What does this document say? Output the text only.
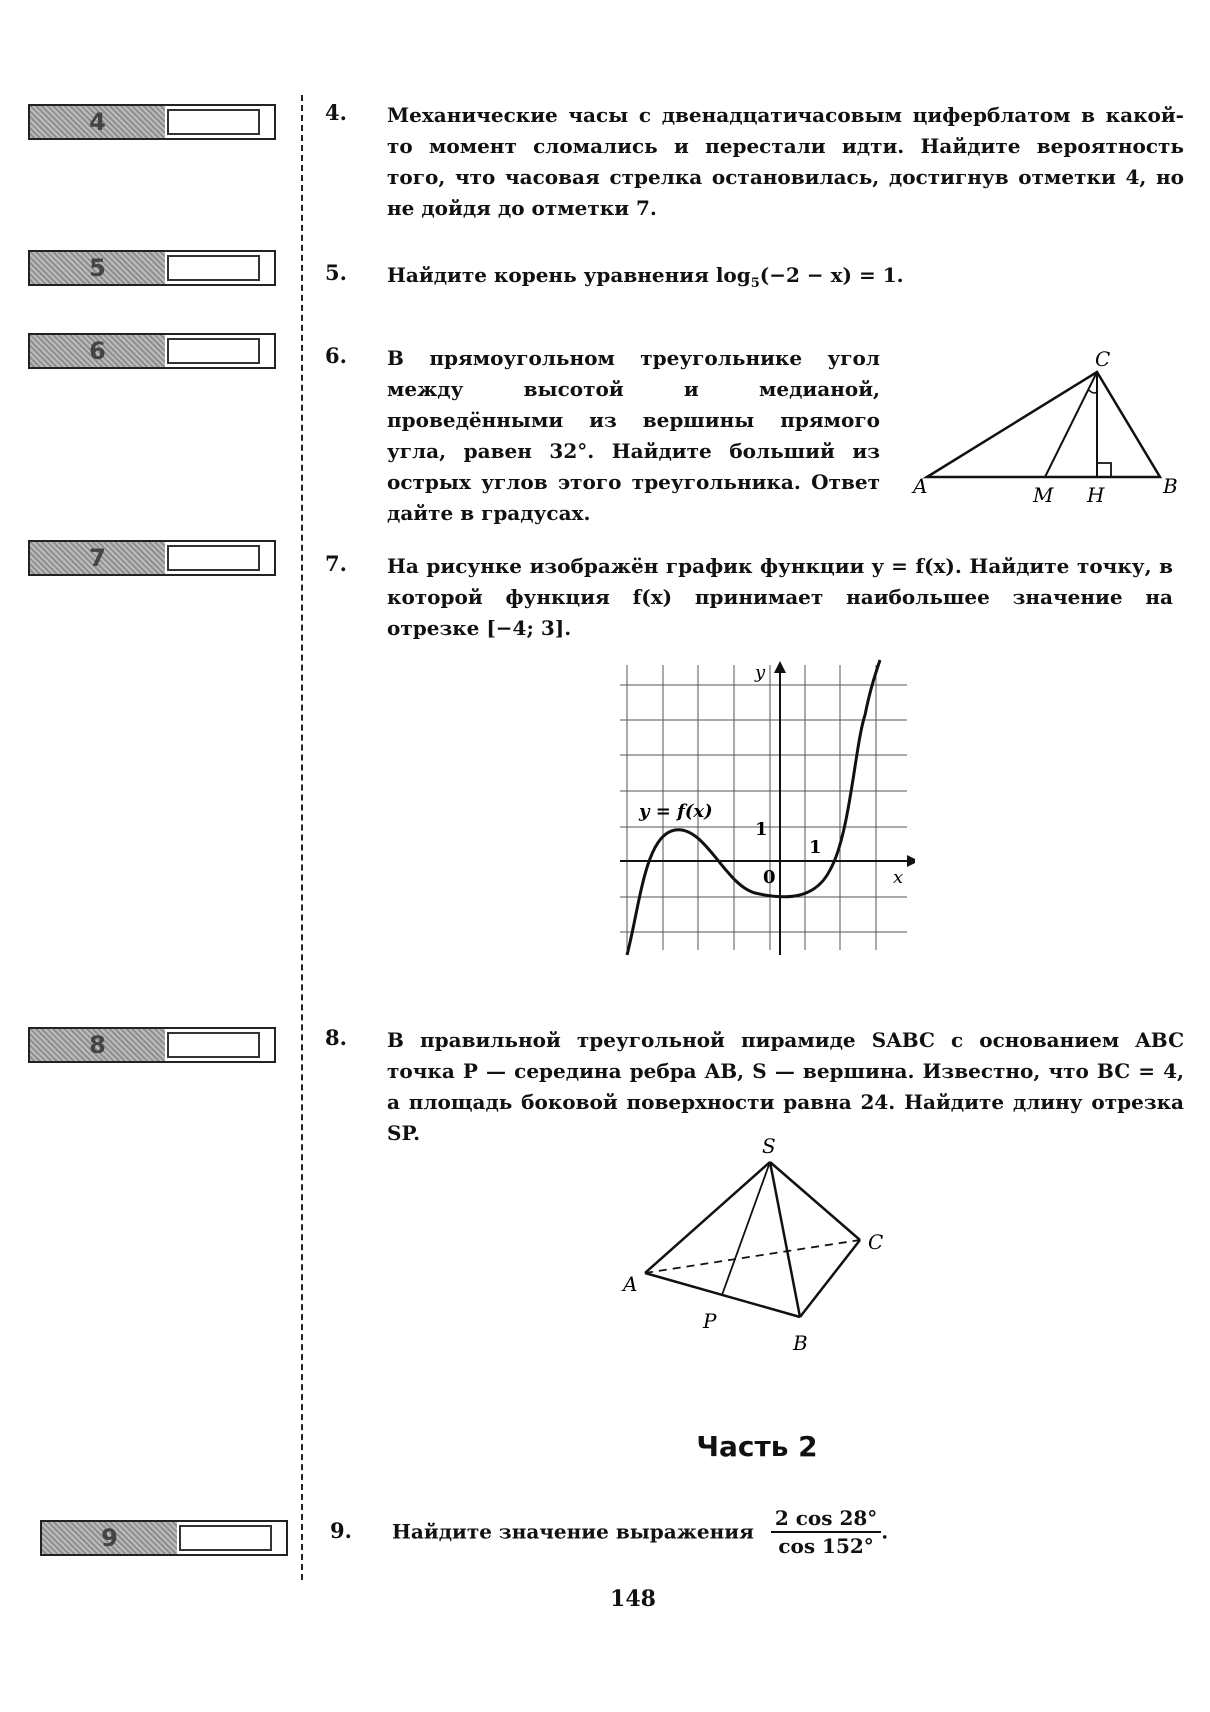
4
5
6
7
8
9
4. Механические часы с двенадцатичасовым циферблатом в какой-то момент сломались и перестали идти. Найдите вероятность того, что часовая стрелка остановилась, достигнув отметки 4, но не дойдя до отметки 7.
5. Найдите корень уравнения $\log_5(-2 - x) = 1$.
6. В прямоугольном треугольнике угол между высотой и медианой, проведёнными из вершины прямого угла, равен 32°. Найдите больший из острых углов этого треугольника. Ответ дайте в градусах.
C
A	M H	B
7. На рисунке изображён график функции y = f(x). Найдите точку, в которой функция f(x) принимает наибольшее значение на отрезке [−4; 3].
y
x
y = f(x)
1
1
0
8. В правильной треугольной пирамиде SABC с основанием ABC точка P — середина ребра AB, S — вершина. Известно, что BC = 4, а площадь боковой поверхности равна 24. Найдите длину отрезка SP.
S
A
C
P
B
Часть 2
9. Найдите значение выражения $\frac{2 \cos 28^\circ}{\cos 152^\circ}$ .
148
